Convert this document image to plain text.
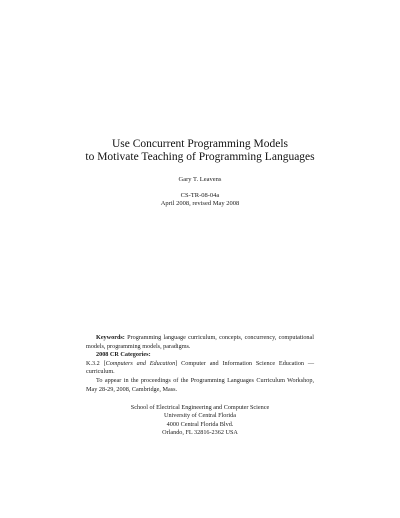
Use Concurrent Programming Models
to Motivate Teaching of Programming Languages
Gary T. Leavens
CS-TR-08-04a
April 2008, revised May 2008
Keywords: Programming language curriculum, concepts, concurrency, computational models, programming models, paradigms.
2008 CR Categories:
K.3.2 [Computers and Education] Computer and Information Science Education — curriculum.
To appear in the proceedings of the Programming Languages Curriculum Workshop, May 28-29, 2008, Cambridge, Mass.
School of Electrical Engineering and Computer Science
University of Central Florida
4000 Central Florida Blvd.
Orlando, FL 32816-2362 USA
